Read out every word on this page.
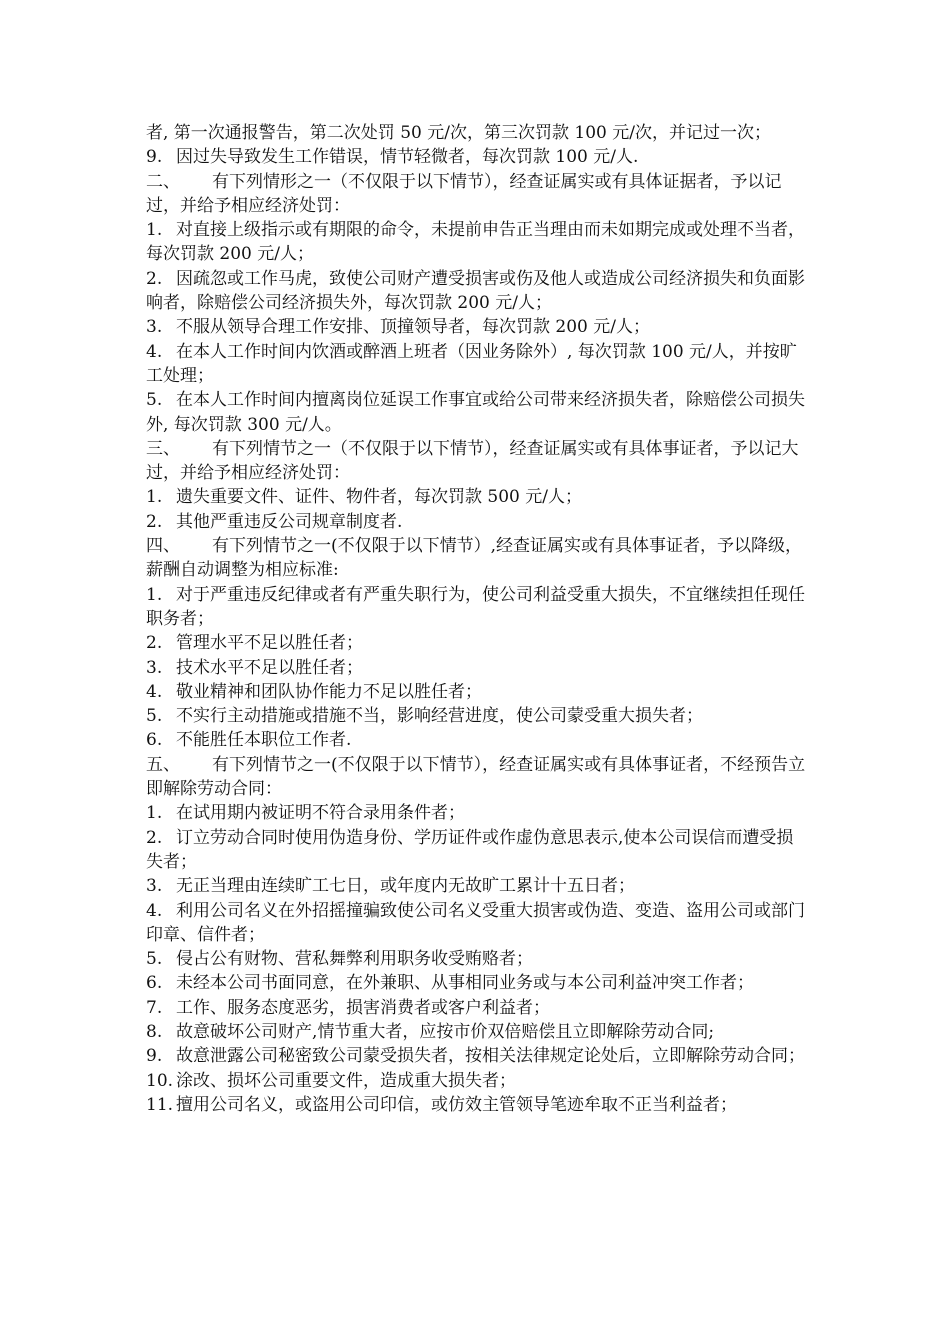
者, 第一次通报警告，第二次处罚 50 元/次，第三次罚款 100 元/次，并记过一次；

9. 因过失导致发生工作错误，情节轻微者，每次罚款 100 元/人.

二、 有下列情形之一（不仅限于以下情节），经查证属实或有具体证据者，予以记过，并给予相应经济处罚：

1. 对直接上级指示或有期限的命令，未提前申告正当理由而未如期完成或处理不当者，每次罚款 200 元/人；

2. 因疏忽或工作马虎，致使公司财产遭受损害或伤及他人或造成公司经济损失和负面影响者，除赔偿公司经济损失外，每次罚款 200 元/人；

3. 不服从领导合理工作安排、顶撞领导者，每次罚款 200 元/人；

4. 在本人工作时间内饮酒或醉酒上班者（因业务除外）, 每次罚款 100 元/人，并按旷工处理；

5. 在本人工作时间内擅离岗位延误工作事宜或给公司带来经济损失者，除赔偿公司损失外, 每次罚款 300 元/人。

三、 有下列情节之一（不仅限于以下情节），经查证属实或有具体事证者，予以记大过，并给予相应经济处罚：

1. 遗失重要文件、证件、物件者，每次罚款 500 元/人；

2. 其他严重违反公司规章制度者.

四、 有下列情节之一(不仅限于以下情节）,经查证属实或有具体事证者，予以降级，薪酬自动调整为相应标准:

1. 对于严重违反纪律或者有严重失职行为，使公司利益受重大损失，不宜继续担任现任职务者；

2. 管理水平不足以胜任者；

3. 技术水平不足以胜任者；

4. 敬业精神和团队协作能力不足以胜任者；

5. 不实行主动措施或措施不当，影响经营进度，使公司蒙受重大损失者；

6. 不能胜任本职位工作者.

五、 有下列情节之一(不仅限于以下情节），经查证属实或有具体事证者，不经预告立即解除劳动合同：

1. 在试用期内被证明不符合录用条件者；

2. 订立劳动合同时使用伪造身份、学历证件或作虚伪意思表示,使本公司误信而遭受损失者；

3. 无正当理由连续旷工七日，或年度内无故旷工累计十五日者；

4. 利用公司名义在外招摇撞骗致使公司名义受重大损害或伪造、变造、盗用公司或部门印章、信件者；

5. 侵占公有财物、营私舞弊利用职务收受贿赂者；

6. 未经本公司书面同意，在外兼职、从事相同业务或与本公司利益冲突工作者；

7. 工作、服务态度恶劣，损害消费者或客户利益者；

8. 故意破坏公司财产,情节重大者，应按市价双倍赔偿且立即解除劳动合同;

9. 故意泄露公司秘密致公司蒙受损失者，按相关法律规定论处后，立即解除劳动合同；

10. 涂改、损坏公司重要文件，造成重大损失者；

11. 擅用公司名义，或盗用公司印信，或仿效主管领导笔迹牟取不正当利益者；
